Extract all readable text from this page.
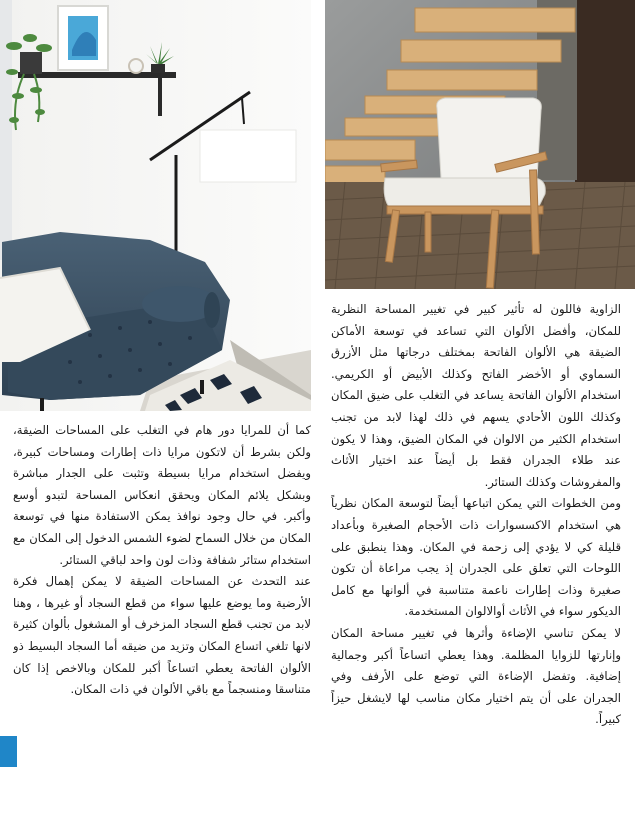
الزاوية فاللون له تأثير كبير في تغيير المساحة النظرية للمكان، وأفضل الألوان التي تساعد في توسعة الأماكن الضيقة هي الألوان الفاتحة بمختلف درجاتها مثل الأزرق السماوي أو الأخضر الفاتح وكذلك الأبيض أو الكريمي. استخدام الألوان الفاتحة يساعد في التغلب على ضيق المكان وكذلك اللون الأحادي يسهم في ذلك لهذا لابد من تجنب استخدام الكثير من الالوان في المكان الضيق، وهذا لا يكون عند طلاء الجدران فقط بل أيضاً عند اختيار الأثاث والمفروشات وكذلك الستائر.

ومن الخطوات التي يمكن اتباعها أيضاً لتوسعة المكان نظرياً هي استخدام الاكسسوارات ذات الأحجام الصغيرة وبأعداد قليلة كي لا يؤدي إلى زحمة في المكان. وهذا ينطبق على اللوحات التي تعلق على الجدران إذ يجب مراعاة أن تكون صغيرة وذات إطارات ناعمة متناسبة في ألوانها مع كامل الديكور سواء في الأثاث أوالالوان المستخدمة.

لا يمكن تناسي الإضاءة وأثرها في تغيير مساحة المكان وإنارتها للزوايا المظلمة. وهذا يعطي اتساعاً أكبر وجمالية إضافية. وتفضل الإضاءة التي توضع على الأرفف وفي الجدران على أن يتم اختيار مكان مناسب لها لايشغل حيزاً كبيراً.

كما أن للمرايا دور هام في التغلب على المساحات الضيقة، ولكن بشرط أن لاتكون مرايا ذات إطارات ومساحات كبيرة، ويفضل استخدام مرايا بسيطة وتثبت على الجدار مباشرة وبشكل يلائم المكان ويحقق انعكاس المساحة لتبدو أوسع وأكبر. في حال وجود نوافذ يمكن الاستفادة منها في توسعة المكان من خلال السماح لضوء الشمس الدخول إلى المكان مع استخدام ستائر شفافة وذات لون واحد لباقي الستائر.

عند التحدث عن المساحات الضيقة لا يمكن إهمال فكرة الأرضية وما يوضع عليها سواء من قطع السجاد أو غيرها ، وهنا لابد من تجنب قطع السجاد المزخرف أو المشغول بألوان كثيرة لانها تلغي اتساع المكان وتزيد من ضيقه أما السجاد البسيط ذو الألوان الفاتحة يعطي اتساعاً أكبر للمكان وبالاخص إذا كان متناسقا ومنسجماً مع باقي الألوان في ذات المكان.
